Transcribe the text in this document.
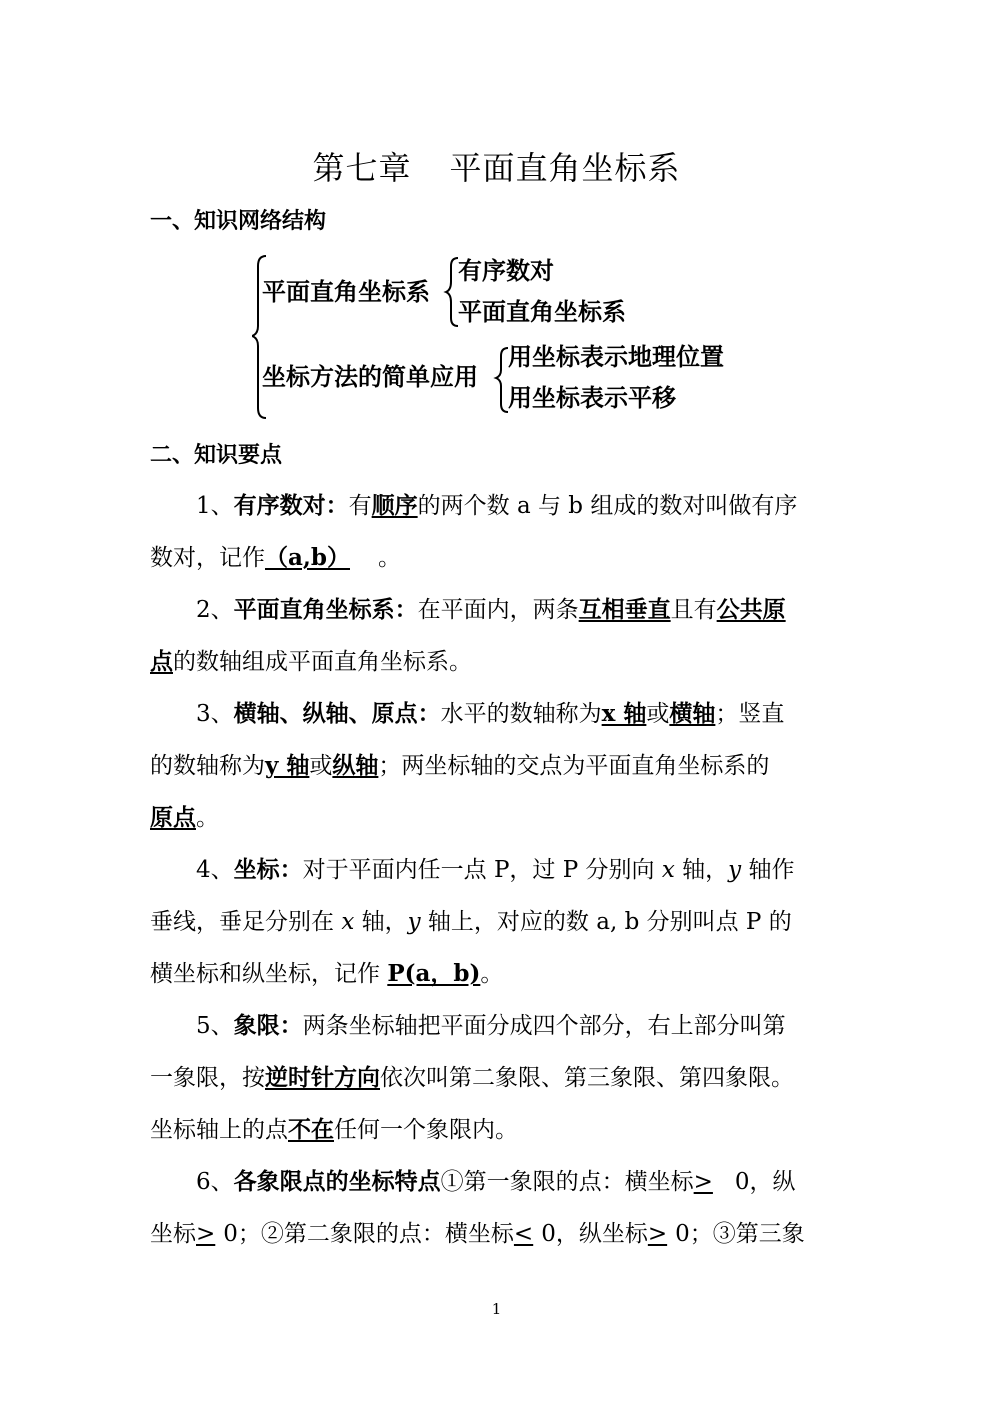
第七章 平面直角坐标系
一、知识网络结构
平面直角坐标系
有序数对
平面直角坐标系
坐标方法的简单应用
用坐标表示地理位置
用坐标表示平移
二、知识要点

1、有序数对：有顺序的两个数 a 与 b 组成的数对叫做有序

数对，记作（a,b） 。

2、平面直角坐标系：在平面内，两条互相垂直且有公共原

点的数轴组成平面直角坐标系。

3、横轴、纵轴、原点：水平的数轴称为x 轴或横轴；竖直

的数轴称为y 轴或纵轴；两坐标轴的交点为平面直角坐标系的

原点。

4、坐标：对于平面内任一点 P，过 P 分别向 x 轴，y 轴作

垂线，垂足分别在 x 轴，y 轴上，对应的数 a, b 分别叫点 P 的

横坐标和纵坐标，记作 P(a，b)。

5、象限：两条坐标轴把平面分成四个部分，右上部分叫第

一象限，按逆时针方向依次叫第二象限、第三象限、第四象限。

坐标轴上的点不在任何一个象限内。

6、各象限点的坐标特点①第一象限的点：横坐标> 0，纵

坐标> 0；②第二象限的点：横坐标< 0，纵坐标> 0；③第三象

1
